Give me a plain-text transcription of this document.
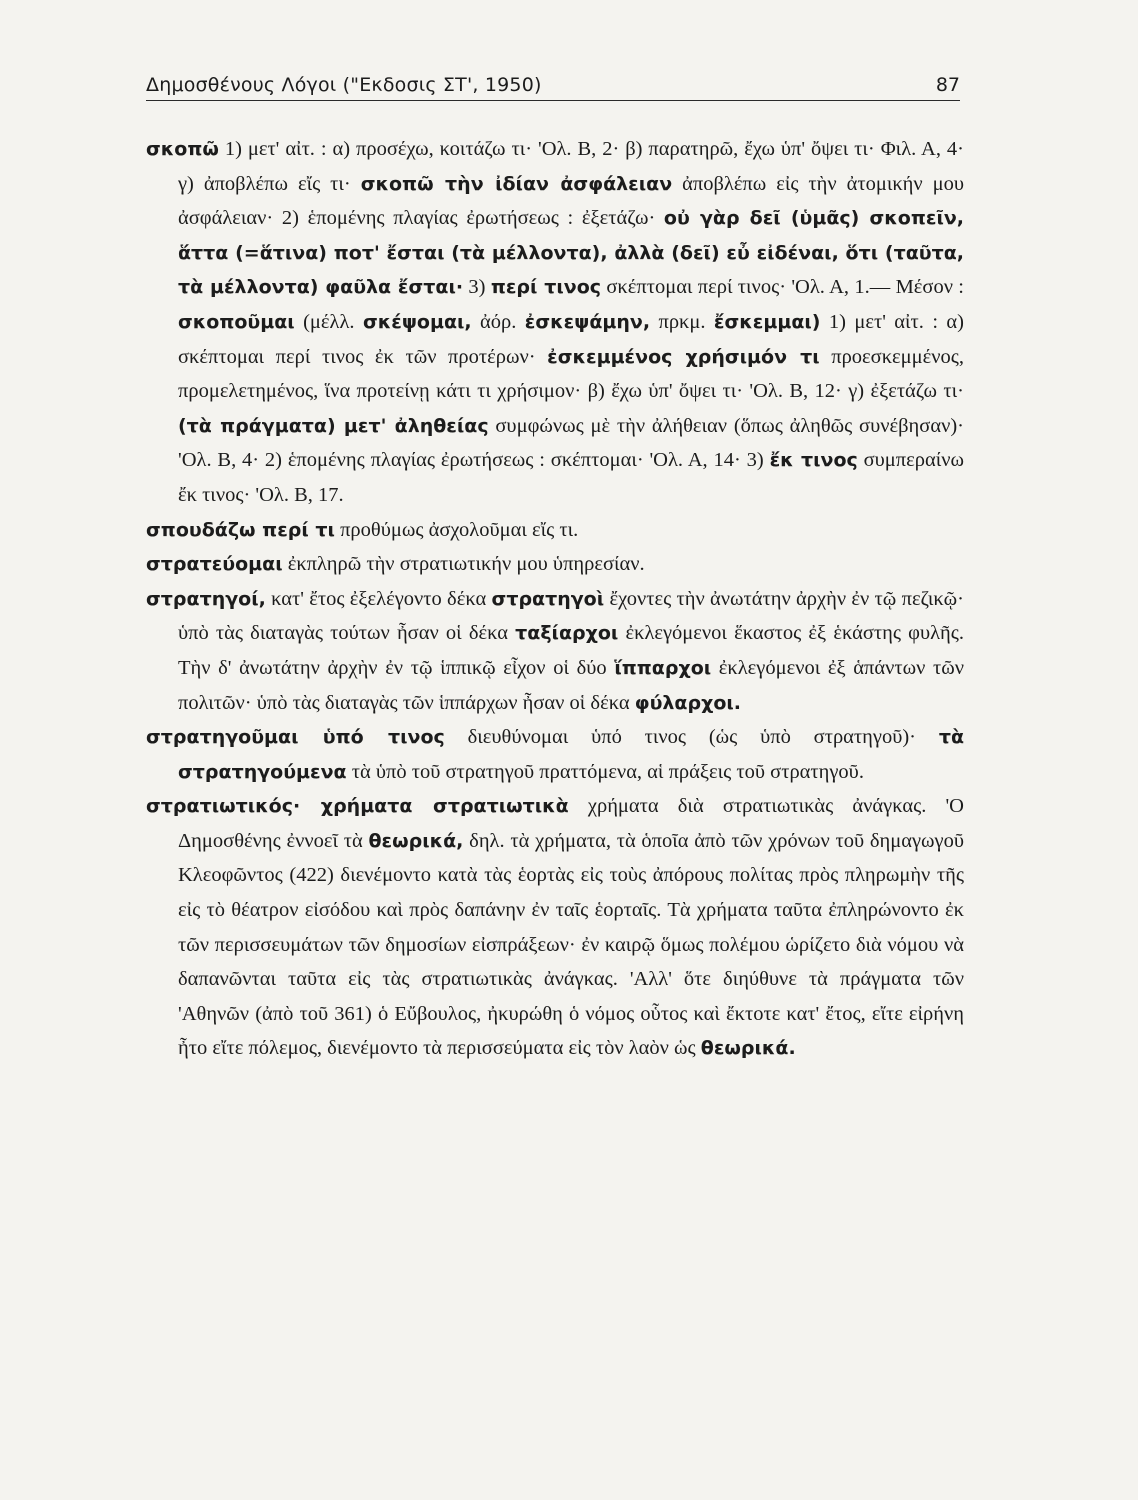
Δημοσθένους Λόγοι ("Εκδοσις ΣΤ', 1950)	87

σκοπῶ 1) μετ' αἰτ. : α) προσέχω, κοιτάζω τι· 'Ολ. Β, 2· β) παρατηρῶ, ἔχω ὑπ' ὄψει τι· Φιλ. Α, 4· γ) ἀποβλέπω εἴς τι· σκοπῶ τὴν ἰδίαν ἀσφάλειαν ἀποβλέπω εἰς τὴν ἀτομικήν μου ἀσφάλειαν· 2) ἑπομένης πλαγίας ἐρωτήσεως : ἐξετάζω· οὐ γὰρ δεῖ (ὑμᾶς) σκοπεῖν, ἅττα (=ἅτινα) ποτ' ἔσται (τὰ μέλλοντα), ἀλλὰ (δεῖ) εὖ εἰδέναι, ὅτι (ταῦτα, τὰ μέλλοντα) φαῦλα ἔσται· 3) περί τινος σκέπτομαι περί τινος· 'Ολ. Α, 1.— Μέσον : σκοποῦμαι (μέλλ. σκέψομαι, ἀόρ. ἐσκεψάμην, πρκμ. ἔσκεμμαι) 1) μετ' αἰτ. : α) σκέπτομαι περί τινος ἐκ τῶν προτέρων· ἐσκεμμένος χρήσιμόν τι προεσκεμμένος, προμελετημένος, ἵνα προτείνῃ κάτι τι χρήσιμον· β) ἔχω ὑπ' ὄψει τι· 'Ολ. Β, 12· γ) ἐξετάζω τι· (τὰ πράγματα) μετ' ἀληθείας συμφώνως μὲ τὴν ἀλήθειαν (ὅπως ἀληθῶς συνέβησαν)· 'Ολ. Β, 4· 2) ἑπομένης πλαγίας ἐρωτήσεως : σκέπτομαι· 'Ολ. Α, 14· 3) ἔκ τινος συμπεραίνω ἔκ τινος· 'Ολ. Β, 17.

σπουδάζω περί τι προθύμως ἀσχολοῦμαι εἴς τι.

στρατεύομαι ἐκπληρῶ τὴν στρατιωτικήν μου ὑπηρεσίαν.

στρατηγοί, κατ' ἔτος ἐξελέγοντο δέκα στρατηγοὶ ἔχοντες τὴν ἀνωτάτην ἀρχὴν ἐν τῷ πεζικῷ· ὑπὸ τὰς διαταγὰς τούτων ἦσαν οἱ δέκα ταξίαρχοι ἐκλεγόμενοι ἕκαστος ἐξ ἑκάστης φυλῆς. Τὴν δ' ἀνωτάτην ἀρχὴν ἐν τῷ ἱππικῷ εἶχον οἱ δύο ἵππαρχοι ἐκλεγόμενοι ἐξ ἁπάντων τῶν πολιτῶν· ὑπὸ τὰς διαταγὰς τῶν ἱππάρχων ἦσαν οἱ δέκα φύλαρχοι.

στρατηγοῦμαι ὑπό τινος διευθύνομαι ὑπό τινος (ὡς ὑπὸ στρατηγοῦ)· τὰ στρατηγούμενα τὰ ὑπὸ τοῦ στρατηγοῦ πραττόμενα, αἱ πράξεις τοῦ στρατηγοῦ.

στρατιωτικός· χρήματα στρατιωτικὰ χρήματα διὰ στρατιωτικὰς ἀνάγκας. 'Ο Δημοσθένης ἐννοεῖ τὰ θεωρικά, δηλ. τὰ χρήματα, τὰ ὁποῖα ἀπὸ τῶν χρόνων τοῦ δημαγωγοῦ Κλεοφῶντος (422) διενέμοντο κατὰ τὰς ἑορτὰς εἰς τοὺς ἀπόρους πολίτας πρὸς πληρωμὴν τῆς εἰς τὸ θέατρον εἰσόδου καὶ πρὸς δαπάνην ἐν ταῖς ἑορταῖς. Τὰ χρήματα ταῦτα ἐπληρώνοντο ἐκ τῶν περισσευμάτων τῶν δημοσίων εἰσπράξεων· ἐν καιρῷ ὅμως πολέμου ὡρίζετο διὰ νόμου νὰ δαπανῶνται ταῦτα εἰς τὰς στρατιωτικὰς ἀνάγκας. 'Αλλ' ὅτε διηύθυνε τὰ πράγματα τῶν 'Αθηνῶν (ἀπὸ τοῦ 361) ὁ Εὔβουλος, ἠκυρώθη ὁ νόμος οὗτος καὶ ἔκτοτε κατ' ἔτος, εἴτε εἰρήνη ἦτο εἴτε πόλεμος, διενέμοντο τὰ περισσεύματα εἰς τὸν λαὸν ὡς θεωρικά.
